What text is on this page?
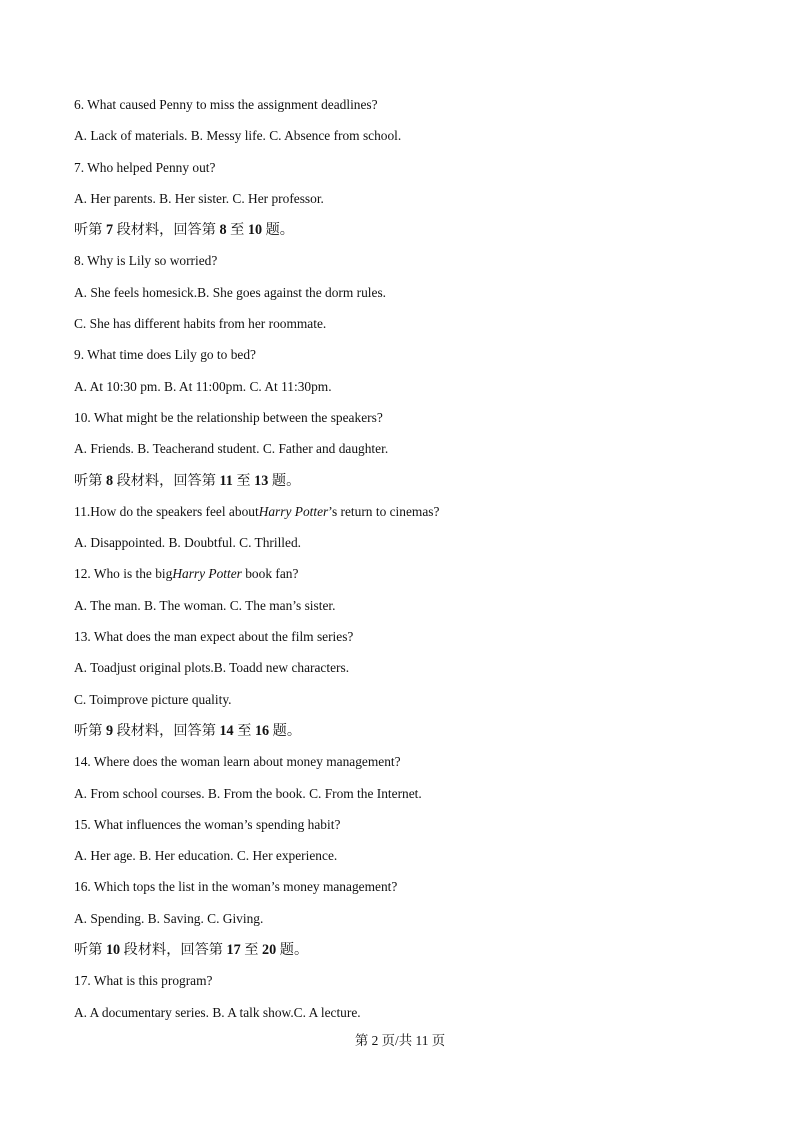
6. What caused Penny to miss the assignment deadlines?
A. Lack of materials. B. Messy life. C. Absence from school.
7. Who helped Penny out?
A. Her parents. B. Her sister. C. Her professor.
听第 7 段材料，回答第 8 至 10 题。
8. Why is Lily so worried?
A. She feels homesick.B. She goes against the dorm rules.
C. She has different habits from her roommate.
9. What time does Lily go to bed?
A. At 10:30 pm. B. At 11:00pm. C. At 11:30pm.
10. What might be the relationship between the speakers?
A. Friends. B. Teacherand student. C. Father and daughter.
听第 8 段材料，回答第 11 至 13 题。
11.How do the speakers feel aboutHarry Potter’s return to cinemas?
A. Disappointed. B. Doubtful. C. Thrilled.
12. Who is the bigHarry Potter book fan?
A. The man. B. The woman. C. The man’s sister.
13. What does the man expect about the film series?
A. Toadjust original plots.B. Toadd new characters.
C. Toimprove picture quality.
听第 9 段材料，回答第 14 至 16 题。
14. Where does the woman learn about money management?
A. From school courses. B. From the book. C. From the Internet.
15. What influences the woman’s spending habit?
A. Her age. B. Her education. C. Her experience.
16. Which tops the list in the woman’s money management?
A. Spending. B. Saving. C. Giving.
听第 10 段材料，回答第 17 至 20 题。
17. What is this program?
A. A documentary series. B. A talk show.C. A lecture.
第 2 页/共 11 页
